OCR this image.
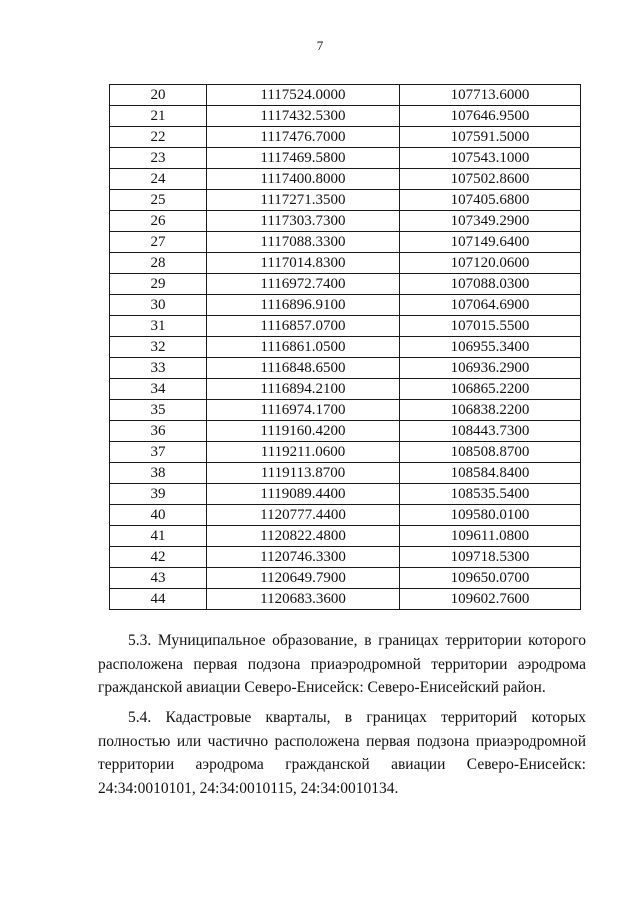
7
20	1117524.0000	107713.6000
21	1117432.5300	107646.9500
22	1117476.7000	107591.5000
23	1117469.5800	107543.1000
24	1117400.8000	107502.8600
25	1117271.3500	107405.6800
26	1117303.7300	107349.2900
27	1117088.3300	107149.6400
28	1117014.8300	107120.0600
29	1116972.7400	107088.0300
30	1116896.9100	107064.6900
31	1116857.0700	107015.5500
32	1116861.0500	106955.3400
33	1116848.6500	106936.2900
34	1116894.2100	106865.2200
35	1116974.1700	106838.2200
36	1119160.4200	108443.7300
37	1119211.0600	108508.8700
38	1119113.8700	108584.8400
39	1119089.4400	108535.5400
40	1120777.4400	109580.0100
41	1120822.4800	109611.0800
42	1120746.3300	109718.5300
43	1120649.7900	109650.0700
44	1120683.3600	109602.7600
5.3. Муниципальное образование, в границах территории которого расположена первая подзона приаэродромной территории аэродрома гражданской авиации Северо-Енисейск: Северо-Енисейский район.
5.4. Кадастровые кварталы, в границах территорий которых полностью или частично расположена первая подзона приаэродромной территории аэродрома гражданской авиации Северо-Енисейск: 24:34:0010101, 24:34:0010115, 24:34:0010134.
